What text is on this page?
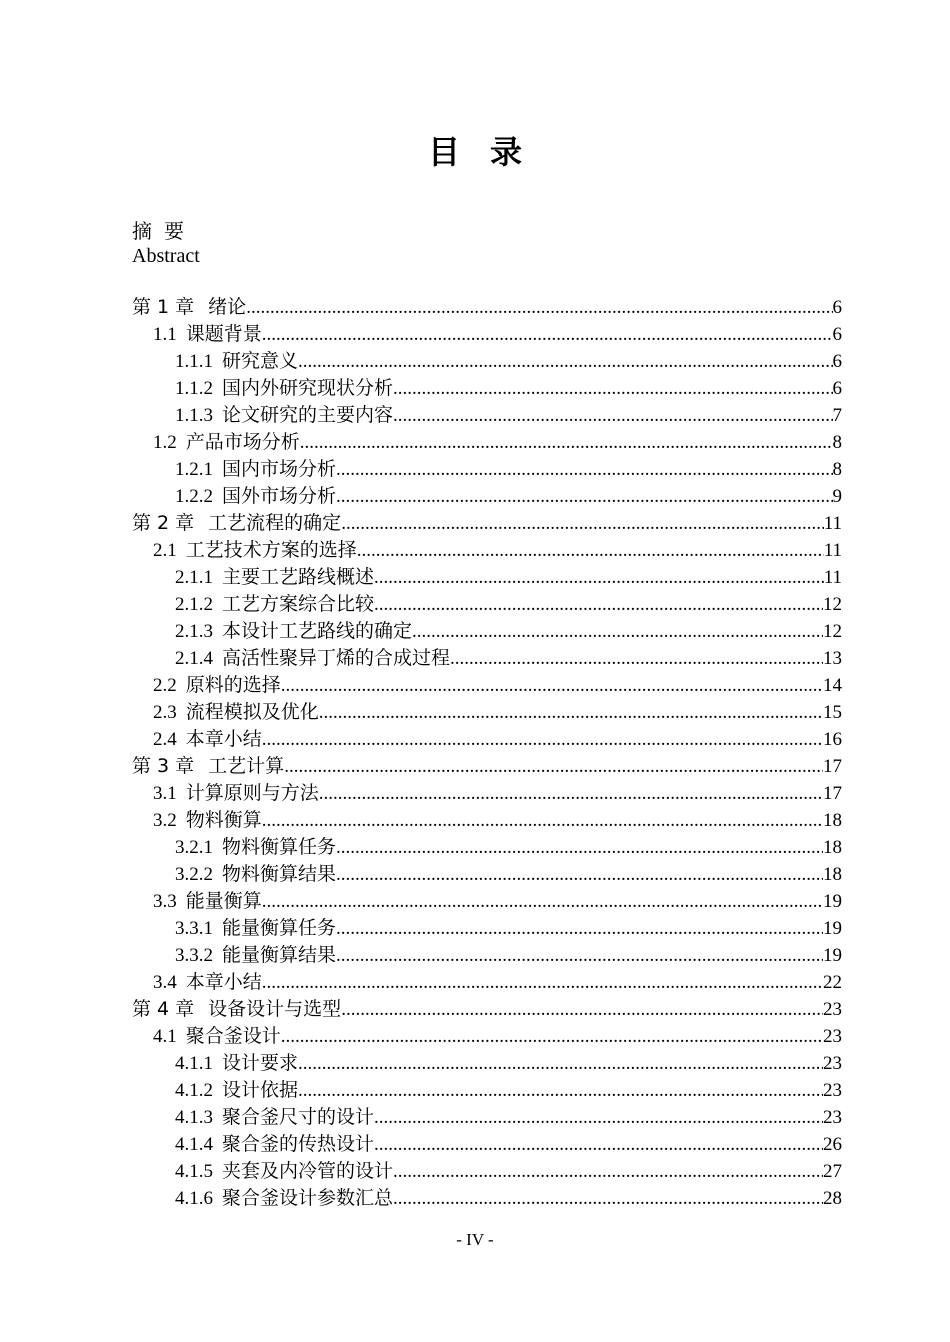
目录
摘要
Abstract
第 1 章 绪论 .....	6
1.1 课题背景 .....	6
1.1.1 研究意义 .....	6
1.1.2 国内外研究现状分析 .....	6
1.1.3 论文研究的主要内容 .....	7
1.2 产品市场分析 .....	8
1.2.1 国内市场分析 .....	8
1.2.2 国外市场分析 .....	9
第 2 章 工艺流程的确定 .....	11
2.1 工艺技术方案的选择 .....	11
2.1.1 主要工艺路线概述 .....	11
2.1.2 工艺方案综合比较 .....	12
2.1.3 本设计工艺路线的确定 .....	12
2.1.4 高活性聚异丁烯的合成过程 .....	13
2.2 原料的选择 .....	14
2.3 流程模拟及优化 .....	15
2.4 本章小结 .....	16
第 3 章 工艺计算 .....	17
3.1 计算原则与方法 .....	17
3.2 物料衡算 .....	18
3.2.1 物料衡算任务 .....	18
3.2.2 物料衡算结果 .....	18
3.3 能量衡算 .....	19
3.3.1 能量衡算任务 .....	19
3.3.2 能量衡算结果 .....	19
3.4 本章小结 .....	22
第 4 章 设备设计与选型 .....	23
4.1 聚合釜设计 .....	23
4.1.1 设计要求 .....	23
4.1.2 设计依据 .....	23
4.1.3 聚合釜尺寸的设计 .....	23
4.1.4 聚合釜的传热设计 .....	26
4.1.5 夹套及内冷管的设计 .....	27
4.1.6 聚合釜设计参数汇总 .....	28
- IV -
